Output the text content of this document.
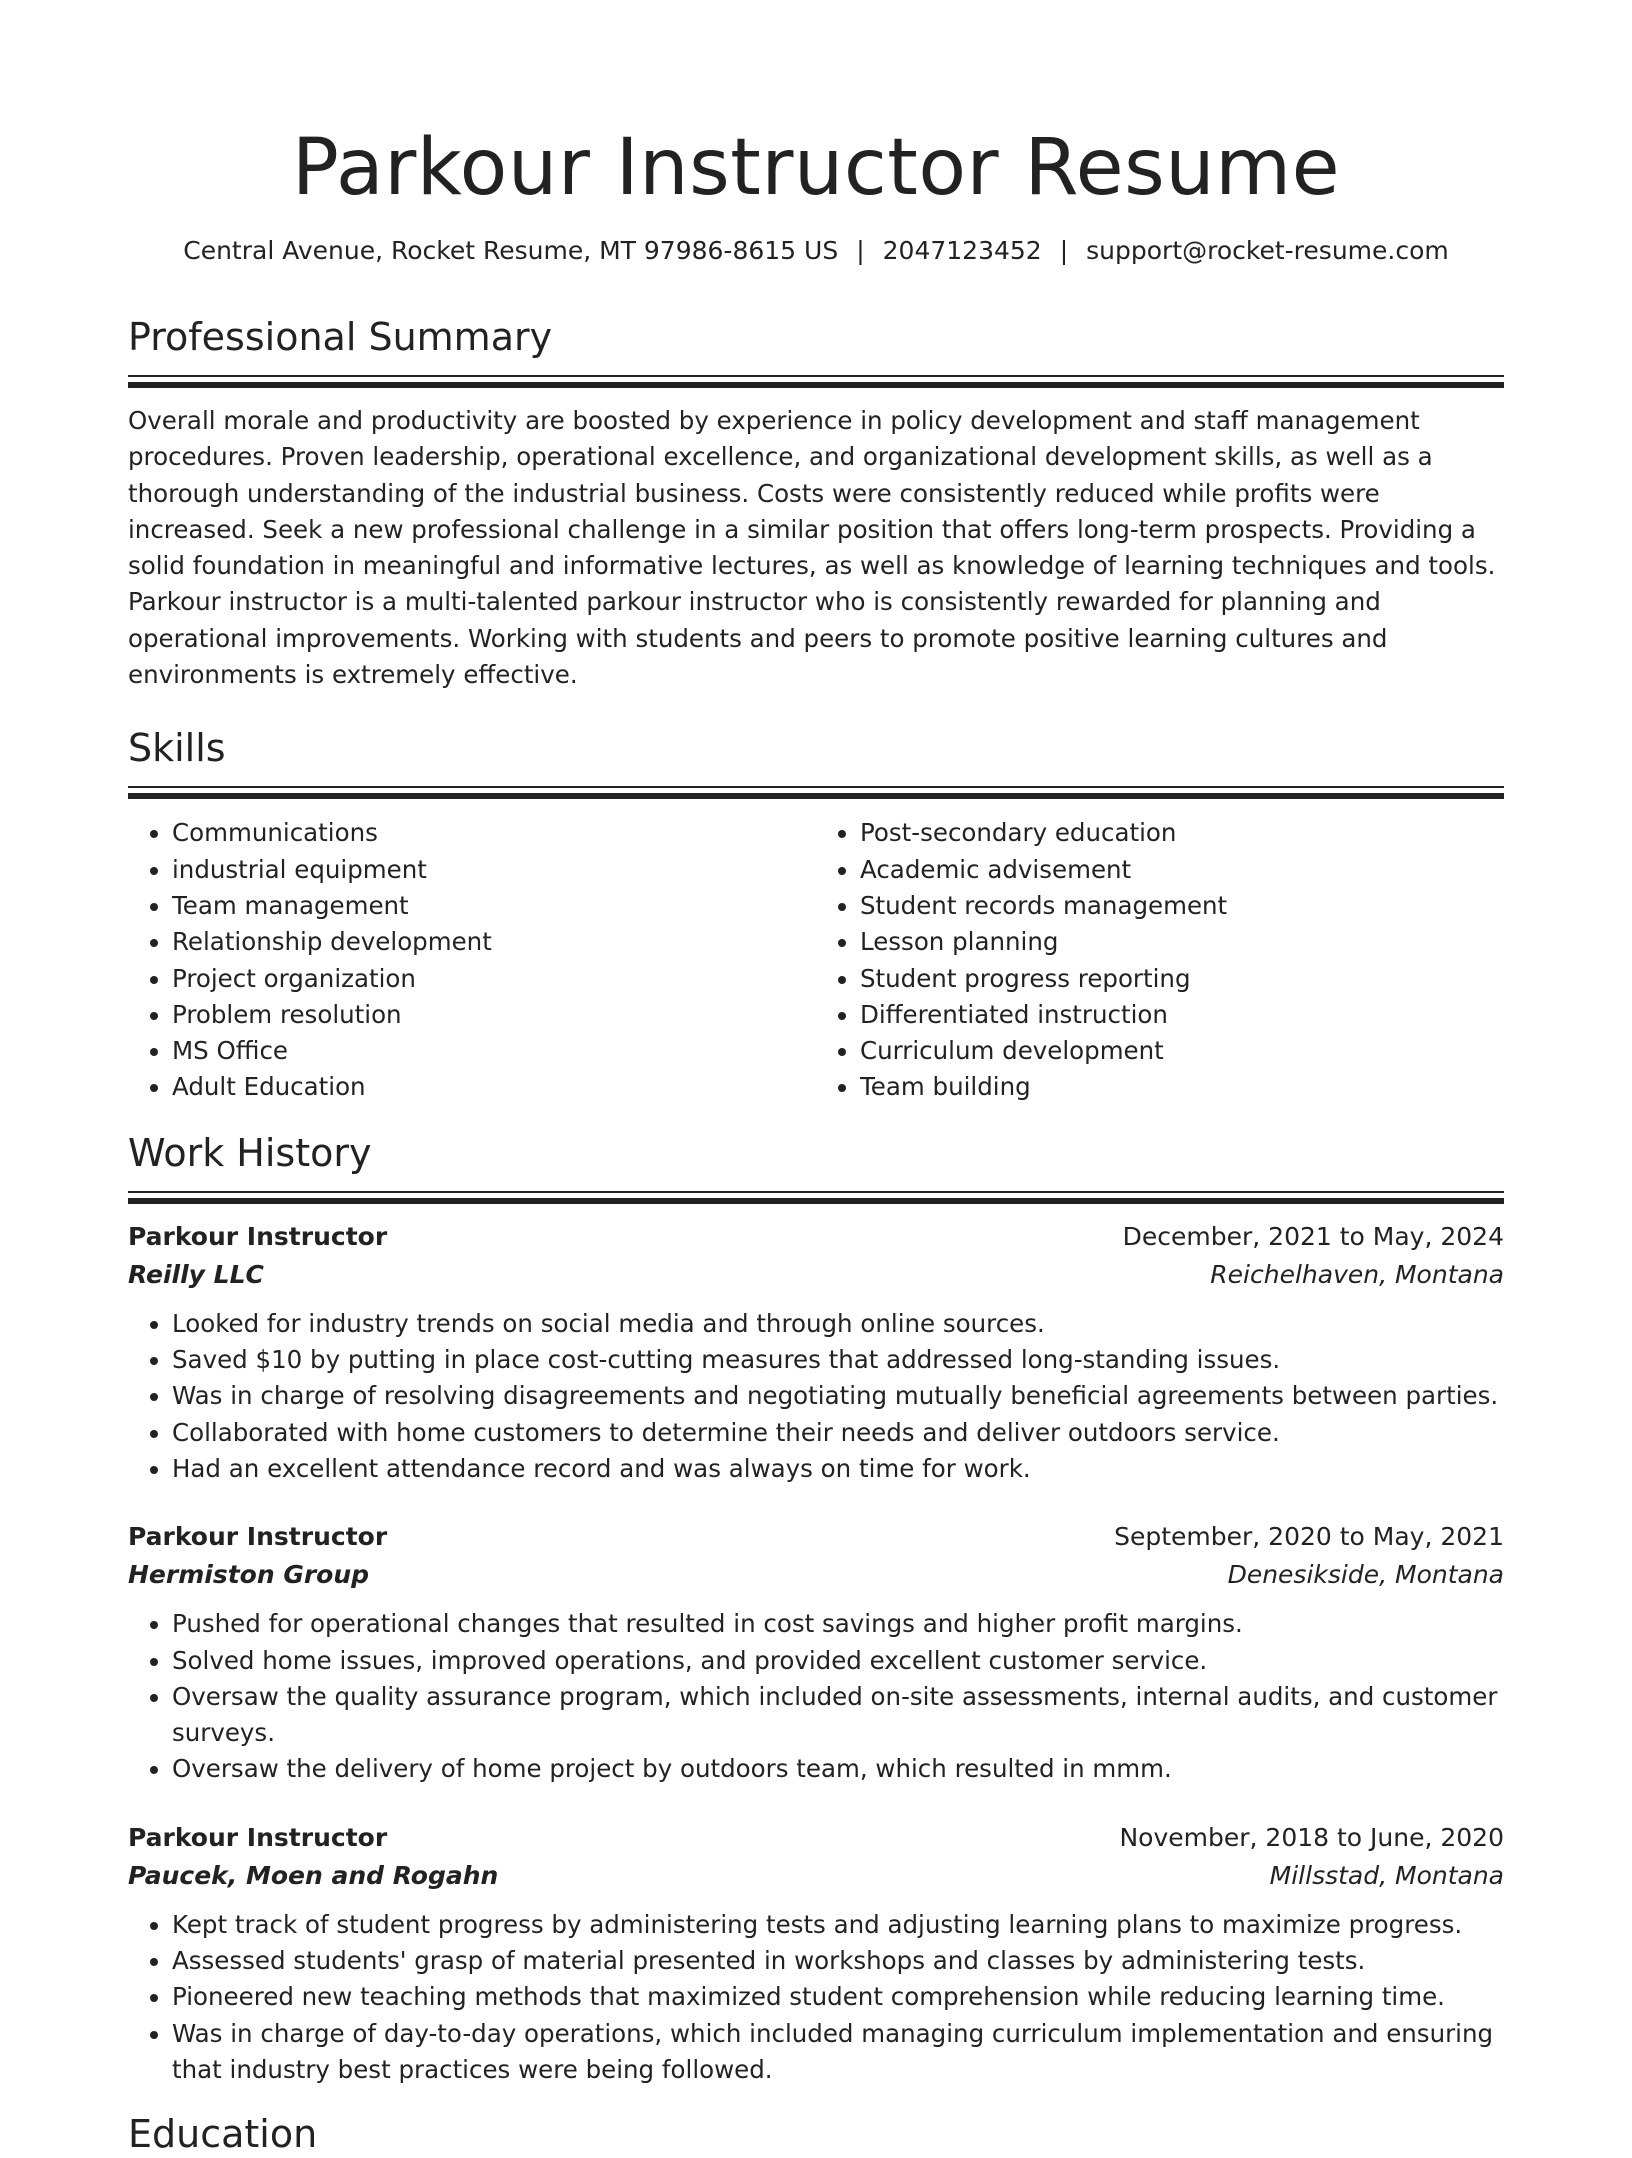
Parkour Instructor Resume
Central Avenue, Rocket Resume, MT 97986-8615 US | 2047123452 | support@rocket-resume.com
Professional Summary

Overall morale and productivity are boosted by experience in policy development and staff management procedures. Proven leadership, operational excellence, and organizational development skills, as well as a thorough understanding of the industrial business. Costs were consistently reduced while profits were increased. Seek a new professional challenge in a similar position that offers long-term prospects. Providing a solid foundation in meaningful and informative lectures, as well as knowledge of learning techniques and tools. Parkour instructor is a multi-talented parkour instructor who is consistently rewarded for planning and operational improvements. Working with students and peers to promote positive learning cultures and environments is extremely effective.

Skills
• Communications
• industrial equipment
• Team management
• Relationship development
• Project organization
• Problem resolution
• MS Office
• Adult Education
• Post-secondary education
• Academic advisement
• Student records management
• Lesson planning
• Student progress reporting
• Differentiated instruction
• Curriculum development
• Team building
Work History
Parkour Instructor	December, 2021 to May, 2024
Reilly LLC	Reichelhaven, Montana
• Looked for industry trends on social media and through online sources.
• Saved $10 by putting in place cost-cutting measures that addressed long-standing issues.
• Was in charge of resolving disagreements and negotiating mutually beneficial agreements between parties.
• Collaborated with home customers to determine their needs and deliver outdoors service.
• Had an excellent attendance record and was always on time for work.
Parkour Instructor	September, 2020 to May, 2021
Hermiston Group	Denesikside, Montana
• Pushed for operational changes that resulted in cost savings and higher profit margins.
• Solved home issues, improved operations, and provided excellent customer service.
• Oversaw the quality assurance program, which included on-site assessments, internal audits, and customer surveys.
• Oversaw the delivery of home project by outdoors team, which resulted in mmm.
Parkour Instructor	November, 2018 to June, 2020
Paucek, Moen and Rogahn	Millsstad, Montana
• Kept track of student progress by administering tests and adjusting learning plans to maximize progress.
• Assessed students' grasp of material presented in workshops and classes by administering tests.
• Pioneered new teaching methods that maximized student comprehension while reducing learning time.
• Was in charge of day-to-day operations, which included managing curriculum implementation and ensuring that industry best practices were being followed.
Education
